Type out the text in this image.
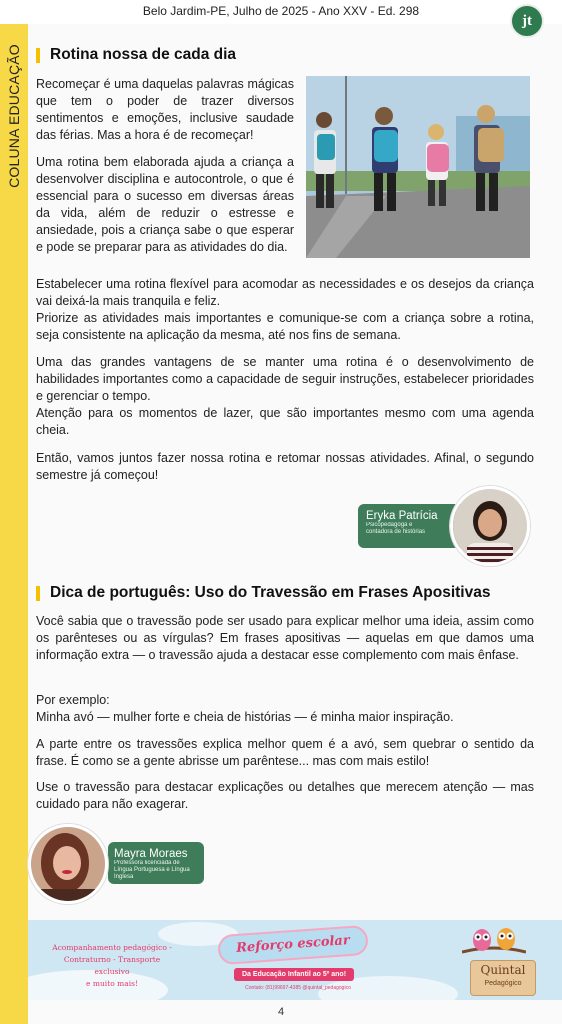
Belo Jardim-PE, Julho de 2025 - Ano XXV - Ed. 298
jt
COLUNA EDUCAÇÃO	Rotina nossa de cada dia
Recomeçar é uma daquelas palavras mágicas que tem o poder de trazer diversos sentimentos e emoções, inclusive saudade das férias. Mas a hora é de recomeçar!
Uma rotina bem elaborada ajuda a criança a desenvolver disciplina e autocontrole, o que é essencial para o sucesso em diversas áreas da vida, além de reduzir o estresse e ansiedade, pois a criança sabe o que esperar e pode se preparar para as atividades do dia.
Estabelecer uma rotina flexível para acomodar as necessidades e os desejos da criança vai deixá-la mais tranquila e feliz.
Priorize as atividades mais importantes e comunique-se com a criança sobre a rotina, seja consistente na aplicação da mesma, até nos fins de semana.
Uma das grandes vantagens de se manter uma rotina é o desenvolvimento de habilidades importantes como a capacidade de seguir instruções, estabelecer prioridades e gerenciar o tempo.
Atenção para os momentos de lazer, que são importantes mesmo com uma agenda cheia.
Então, vamos juntos fazer nossa rotina e retomar nossas atividades. Afinal, o segundo semestre já começou!
Eryka Patrícia
Psicopedagoga e contadora de histórias
Dica de português: Uso do Travessão em Frases Apositivas
Você sabia que o travessão pode ser usado para explicar melhor uma ideia, assim como os parênteses ou as vírgulas? Em frases apositivas — aquelas em que damos uma informação extra — o travessão ajuda a destacar esse complemento com mais ênfase.
Por exemplo:
Minha avó — mulher forte e cheia de histórias — é minha maior inspiração.
A parte entre os travessões explica melhor quem é a avó, sem quebrar o sentido da frase. É como se a gente abrisse um parêntese... mas com mais estilo!
Use o travessão para destacar explicações ou detalhes que merecem atenção — mas cuidado para não exagerar.
Mayra Moraes
Professora licenciada de Língua Portuguesa e Língua Inglesa
Acompanhamento pedagógico -
Contraturno - Transporte exclusivo
e muito mais!
Reforço escolar
Da Educação Infantil ao 5º ano!
Contato: (81)99697-4385 @quintal_pedagogico
Quintal
Pedagógico
4
